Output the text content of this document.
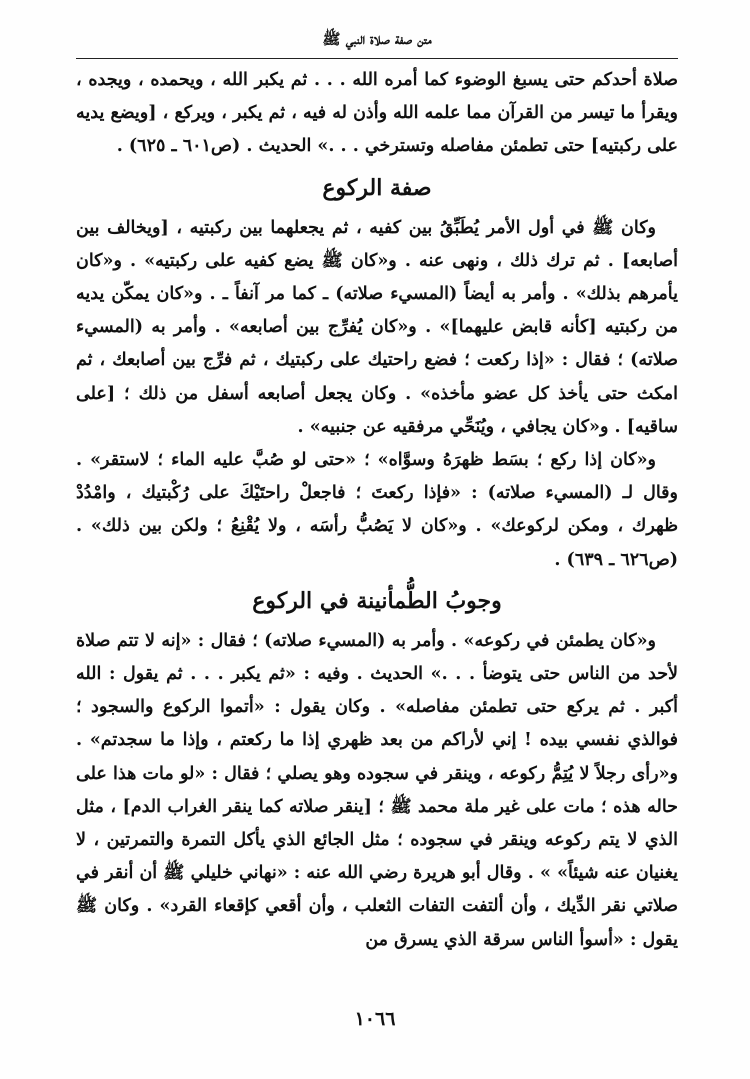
متن صفة صلاة النبي ﷺ

صلاة أحدكم حتى يسبغ الوضوء كما أمره الله . . . ثم يكبر الله ، ويحمده ، ويجده ، ويقرأ ما تيسر من القرآن مما علمه الله وأذن له فيه ، ثم يكبر ، ويركع ، [ويضع يديه على ركبتيه] حتى تطمئن مفاصله وتسترخي . . .» الحديث . (ص٦٠١ ـ ٦٢٥) .

صفة الركوع

وكان ﷺ في أول الأمر يُطَبِّقُ بين كفيه ، ثم يجعلهما بين ركبتيه ، [ويخالف بين أصابعه] . ثم ترك ذلك ، ونهى عنه . و«كان ﷺ يضع كفيه على ركبتيه» . و«كان يأمرهم بذلك» . وأمر به أيضاً (المسيء صلاته) ـ كما مر آنفاً ـ . و«كان يمكّن يديه من ركبتيه [كأنه قابض عليهما]» . و«كان يُفرِّج بين أصابعه» . وأمر به (المسيء صلاته) ؛ فقال : «إذا ركعت ؛ فضع راحتيك على ركبتيك ، ثم فرِّج بين أصابعك ، ثم امكث حتى يأخذ كل عضو مأخذه» . وكان يجعل أصابعه أسفل من ذلك ؛ [على ساقيه] . و«كان يجافي ، ويُنَحِّي مرفقيه عن جنبيه» .

و«كان إذا ركع ؛ بسَط ظهرَهُ وسوَّاه» ؛ «حتى لو صُبَّ عليه الماء ؛ لاستقر» . وقال لـ (المسيء صلاته) : «فإذا ركعتَ ؛ فاجعلْ راحتَيْكَ على رُكْبتيك ، وامْدُدْ ظهرك ، ومكن لركوعك» . و«كان لا يَصُبُّ رأسَه ، ولا يُقْنِعُ ؛ ولكن بين ذلك» . (ص٦٢٦ ـ ٦٣٩) .

وجوبُ الطُّمأنينة في الركوع

و«كان يطمئن في ركوعه» . وأمر به (المسيء صلاته) ؛ فقال : «إنه لا تتم صلاة لأحد من الناس حتى يتوضأ . . .» الحديث . وفيه : «ثم يكبر . . . ثم يقول : الله أكبر . ثم يركع حتى تطمئن مفاصله» . وكان يقول : «أتموا الركوع والسجود ؛ فوالذي نفسي بيده ! إني لأراكم من بعد ظهري إذا ما ركعتم ، وإذا ما سجدتم» . و«رأى رجلاً لا يُتِمُّ ركوعه ، وينقر في سجوده وهو يصلي ؛ فقال : «لو مات هذا على حاله هذه ؛ مات على غير ملة محمد ﷺ ؛ [ينقر صلاته كما ينقر الغراب الدم] ، مثل الذي لا يتم ركوعه وينقر في سجوده ؛ مثل الجائع الذي يأكل التمرة والتمرتين ، لا يغنيان عنه شيئاً» » . وقال أبو هريرة رضي الله عنه : «نهاني خليلي ﷺ أن أنقر في صلاتي نقر الدِّيك ، وأن ألتفت التفات الثعلب ، وأن أقعي كإقعاء القرد» . وكان ﷺ يقول : «أسوأ الناس سرقة الذي يسرق من

١٠٦٦
